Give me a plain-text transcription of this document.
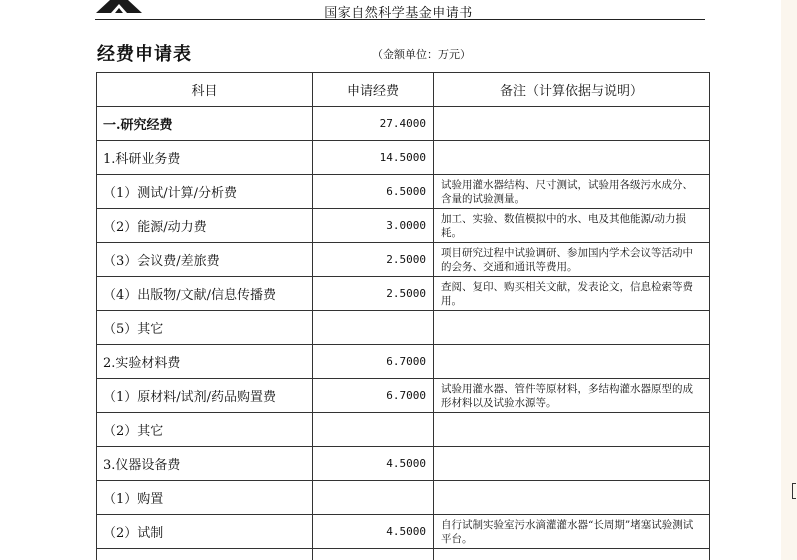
国家自然科学基金申请书
经费申请表	（金额单位：万元）
科目	申请经费	备注（计算依据与说明）
一.研究经费	27.4000	

1.科研业务费	14.5000	

（1）测试/计算/分析费	6.5000	试验用灌水器结构、尺寸测试，试验用各级污水成分、含量的试验测量。

（2）能源/动力费	3.0000	加工、实验、数值模拟中的水、电及其他能源/动力损耗。

（3）会议费/差旅费	2.5000	项目研究过程中试验调研、参加国内学术会议等活动中的会务、交通和通讯等费用。

（4）出版物/文献/信息传播费	2.5000	查阅、复印、购买相关文献，发表论文，信息检索等费用。

（5）其它		

2.实验材料费	6.7000	

（1）原材料/试剂/药品购置费	6.7000	试验用灌水器、管件等原材料，多结构灌水器原型的成形材料以及试验水源等。

（2）其它		

3.仪器设备费	4.5000	

（1）购置		

（2）试制	4.5000	自行试制实验室污水滴灌灌水器“长周期”堵塞试验测试平台。
